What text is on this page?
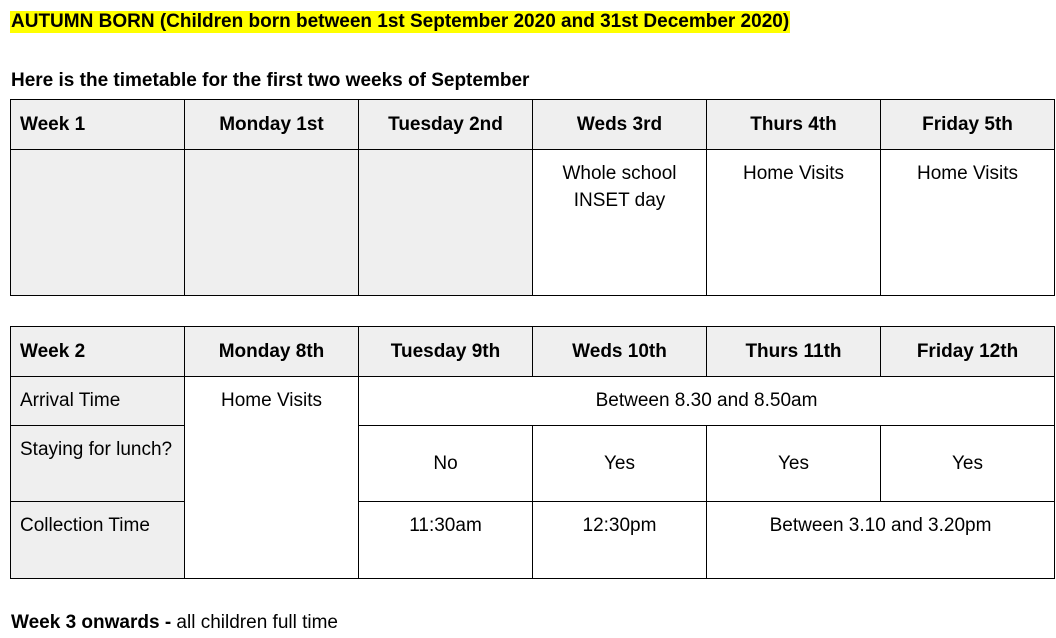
AUTUMN BORN (Children born between 1st September 2020 and 31st December 2020)
Here is the timetable for the first two weeks of September
Week 1	Monday 1st	Tuesday 2nd	Weds 3rd	Thurs 4th	Friday 5th
			Whole school INSET day	Home Visits	Home Visits
Week 2	Monday 8th	Tuesday 9th	Weds 10th	Thurs 11th	Friday 12th
Arrival Time	Home Visits	Between 8.30 and 8.50am			
Staying for lunch?		No	Yes	Yes	Yes
Collection Time		11:30am	12:30pm	Between 3.10 and 3.20pm	
Week 3 onwards - all children full time
